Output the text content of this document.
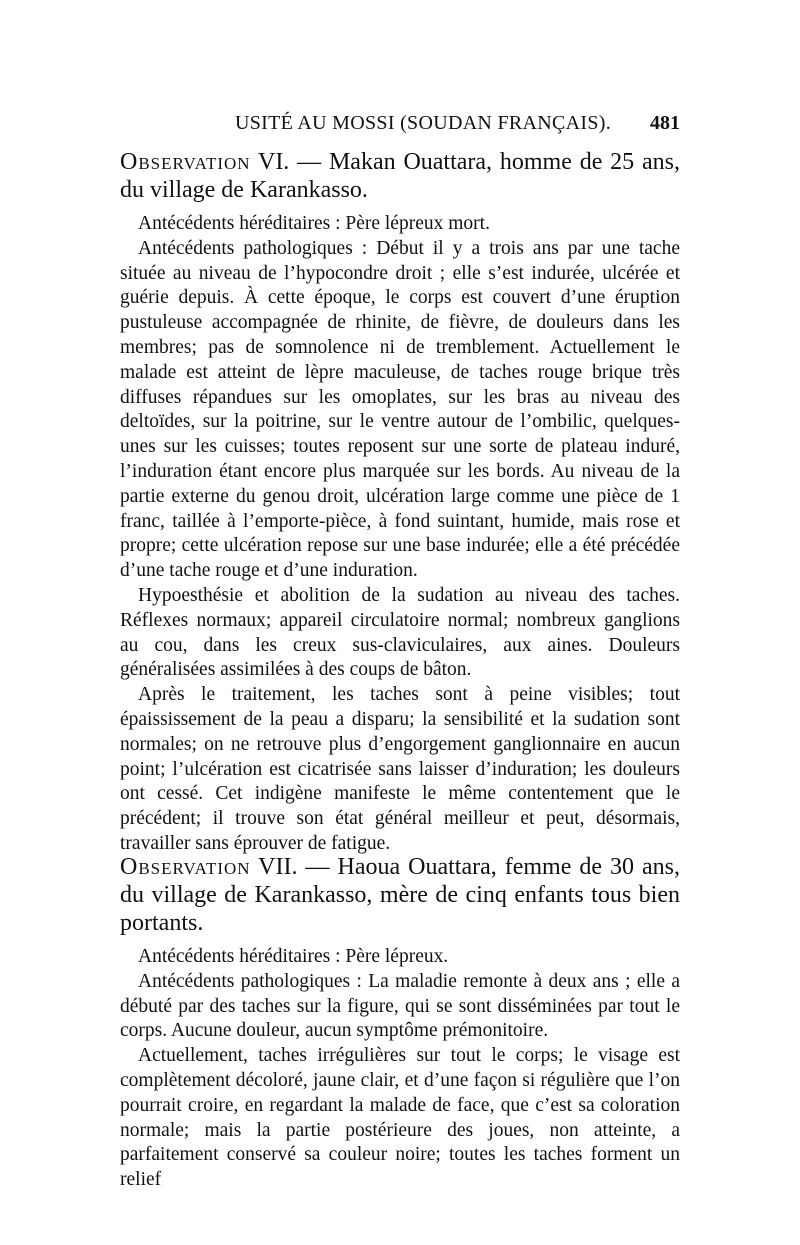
USITÉ AU MOSSI (SOUDAN FRANÇAIS). 481

Observation VI. — Makan Ouattara, homme de 25 ans, du village de Karankasso.

Antécédents héréditaires : Père lépreux mort.

Antécédents pathologiques : Début il y a trois ans par une tache située au niveau de l’hypocondre droit ; elle s’est indurée, ulcérée et guérie depuis. À cette époque, le corps est couvert d’une éruption pustuleuse accompagnée de rhinite, de fièvre, de douleurs dans les membres; pas de somnolence ni de tremblement. Actuellement le malade est atteint de lèpre maculeuse, de taches rouge brique très diffuses répandues sur les omoplates, sur les bras au niveau des deltoïdes, sur la poitrine, sur le ventre autour de l’ombilic, quelques-unes sur les cuisses; toutes reposent sur une sorte de plateau induré, l’induration étant encore plus marquée sur les bords. Au niveau de la partie externe du genou droit, ulcération large comme une pièce de 1 franc, taillée à l’emporte-pièce, à fond suintant, humide, mais rose et propre; cette ulcération repose sur une base indurée; elle a été précédée d’une tache rouge et d’une induration.

Hypoesthésie et abolition de la sudation au niveau des taches. Réflexes normaux; appareil circulatoire normal; nombreux ganglions au cou, dans les creux sus-claviculaires, aux aines. Douleurs généralisées assimilées à des coups de bâton.

Après le traitement, les taches sont à peine visibles; tout épaississement de la peau a disparu; la sensibilité et la sudation sont normales; on ne retrouve plus d’engorgement ganglionnaire en aucun point; l’ulcération est cicatrisée sans laisser d’induration; les douleurs ont cessé. Cet indigène manifeste le même contentement que le précédent; il trouve son état général meilleur et peut, désormais, travailler sans éprouver de fatigue.

Observation VII. — Haoua Ouattara, femme de 30 ans, du village de Karankasso, mère de cinq enfants tous bien portants.

Antécédents héréditaires : Père lépreux.

Antécédents pathologiques : La maladie remonte à deux ans ; elle a débuté par des taches sur la figure, qui se sont disséminées par tout le corps. Aucune douleur, aucun symptôme prémonitoire.

Actuellement, taches irrégulières sur tout le corps; le visage est complètement décoloré, jaune clair, et d’une façon si régulière que l’on pourrait croire, en regardant la malade de face, que c’est sa coloration normale; mais la partie postérieure des joues, non atteinte, a parfaitement conservé sa couleur noire; toutes les taches forment un relief
